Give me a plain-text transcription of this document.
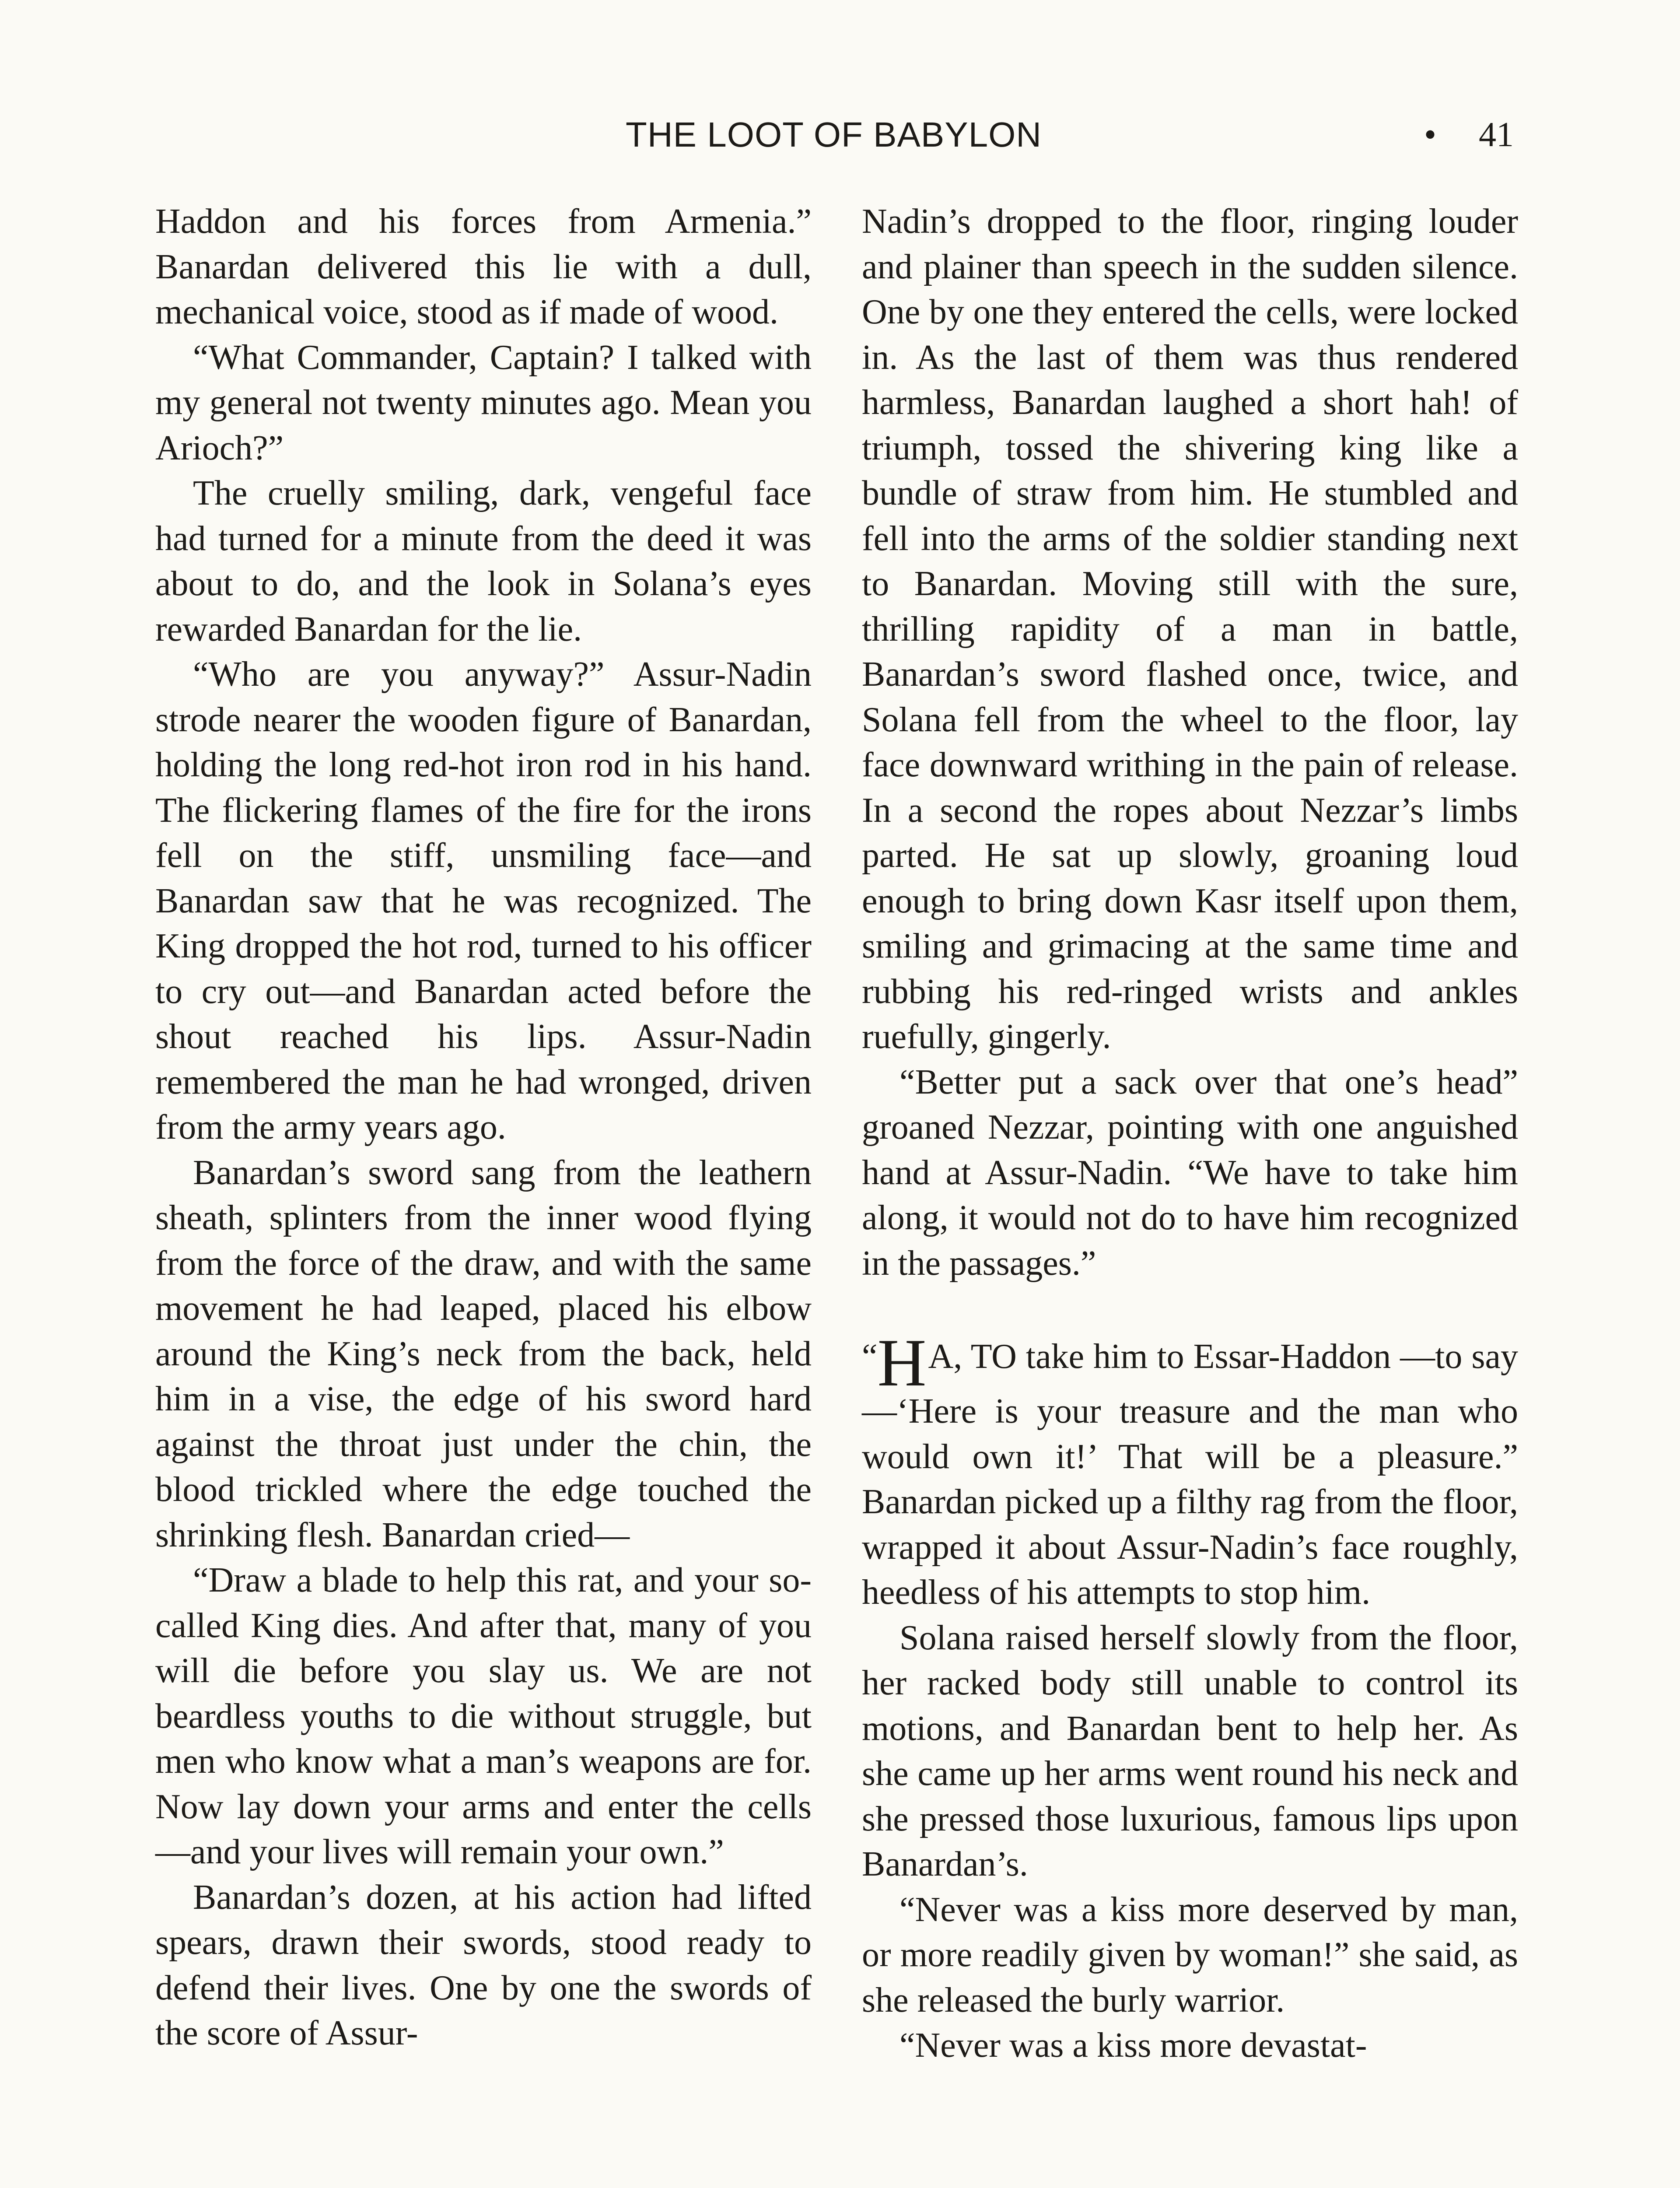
THE LOOT OF BABYLON	• 41

Haddon and his forces from Armenia.” Banardan delivered this lie with a dull, mechanical voice, stood as if made of wood.

“What Commander, Captain? I talked with my general not twenty minutes ago. Mean you Arioch?”

The cruelly smiling, dark, vengeful face had turned for a minute from the deed it was about to do, and the look in Solana’s eyes rewarded Banardan for the lie.

“Who are you anyway?” Assur-Nadin strode nearer the wooden figure of Banardan, holding the long red-hot iron rod in his hand. The flickering flames of the fire for the irons fell on the stiff, unsmiling face—and Banardan saw that he was recognized. The King dropped the hot rod, turned to his officer to cry out—and Banardan acted before the shout reached his lips. Assur-Nadin remembered the man he had wronged, driven from the army years ago.

Banardan’s sword sang from the leathern sheath, splinters from the inner wood flying from the force of the draw, and with the same movement he had leaped, placed his elbow around the King’s neck from the back, held him in a vise, the edge of his sword hard against the throat just under the chin, the blood trickled where the edge touched the shrinking flesh. Banardan cried—

“Draw a blade to help this rat, and your so-called King dies. And after that, many of you will die before you slay us. We are not beardless youths to die without struggle, but men who know what a man’s weapons are for. Now lay down your arms and enter the cells —and your lives will remain your own.”

Banardan’s dozen, at his action had lifted spears, drawn their swords, stood ready to defend their lives. One by one the swords of the score of Assur-

Nadin’s dropped to the floor, ringing louder and plainer than speech in the sudden silence. One by one they entered the cells, were locked in. As the last of them was thus rendered harmless, Banardan laughed a short hah! of triumph, tossed the shivering king like a bundle of straw from him. He stumbled and fell into the arms of the soldier standing next to Banardan. Moving still with the sure, thrilling rapidity of a man in battle, Banardan’s sword flashed once, twice, and Solana fell from the wheel to the floor, lay face downward writhing in the pain of release. In a second the ropes about Nezzar’s limbs parted. He sat up slowly, groaning loud enough to bring down Kasr itself upon them, smiling and grimacing at the same time and rubbing his red-ringed wrists and ankles ruefully, gingerly.

“Better put a sack over that one’s head” groaned Nezzar, pointing with one anguished hand at Assur-Nadin. “We have to take him along, it would not do to have him recognized in the passages.”

“HA, TO take him to Essar-Haddon —to say—‘Here is your treasure and the man who would own it!’ That will be a pleasure.” Banardan picked up a filthy rag from the floor, wrapped it about Assur-Nadin’s face roughly, heedless of his attempts to stop him.

Solana raised herself slowly from the floor, her racked body still unable to control its motions, and Banardan bent to help her. As she came up her arms went round his neck and she pressed those luxurious, famous lips upon Banardan’s.

“Never was a kiss more deserved by man, or more readily given by woman!” she said, as she released the burly warrior.

“Never was a kiss more devastat-
